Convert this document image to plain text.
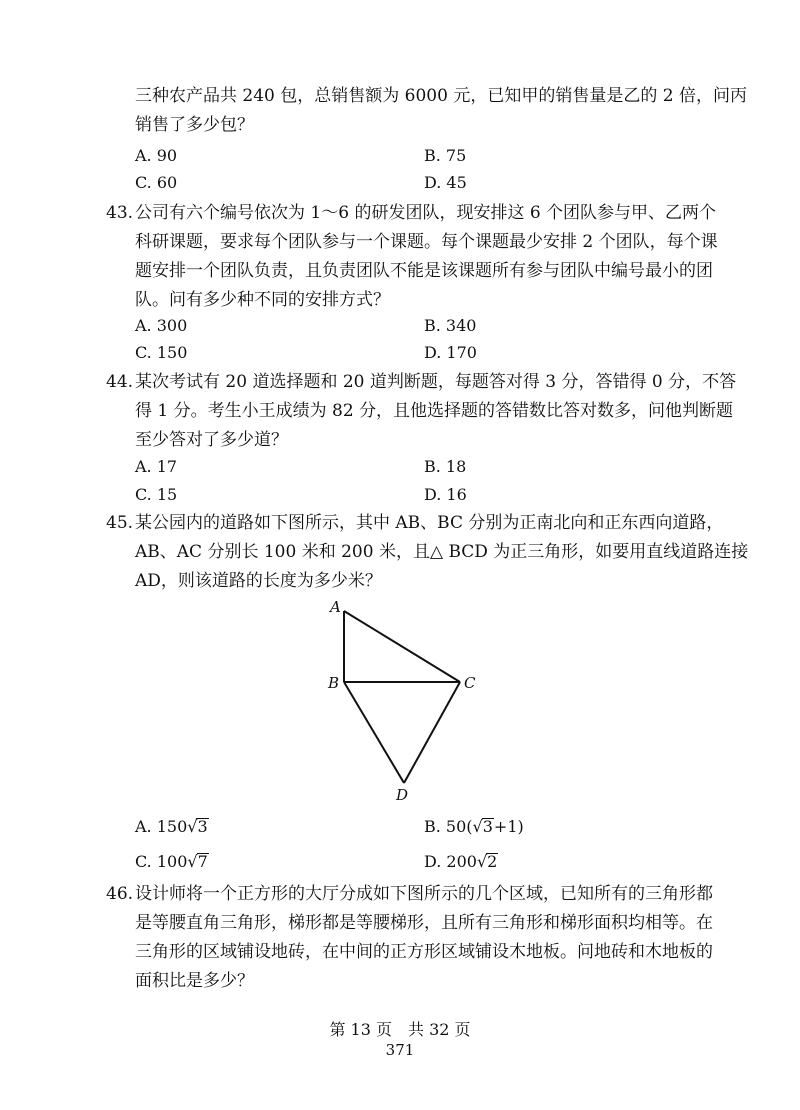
三种农产品共 240 包，总销售额为 6000 元，已知甲的销售量是乙的 2 倍，问丙
销售了多少包？
A. 90	B. 75
C. 60	D. 45
43. 公司有六个编号依次为 1～6 的研发团队，现安排这 6 个团队参与甲、乙两个
科研课题，要求每个团队参与一个课题。每个课题最少安排 2 个团队，每个课
题安排一个团队负责，且负责团队不能是该课题所有参与团队中编号最小的团
队。问有多少种不同的安排方式？
A. 300	B. 340
C. 150	D. 170
44. 某次考试有 20 道选择题和 20 道判断题，每题答对得 3 分，答错得 0 分，不答
得 1 分。考生小王成绩为 82 分，且他选择题的答错数比答对数多，问他判断题
至少答对了多少道？
A. 17	B. 18
C. 15	D. 16
45. 某公园内的道路如下图所示，其中 AB、BC 分别为正南北向和正东西向道路，
AB、AC 分别长 100 米和 200 米，且△ BCD 为正三角形，如要用直线道路连接
AD，则该道路的长度为多少米？
A
B	C
D
A. 150√3	B. 50(√3+1)
C. 100√7	D. 200√2
46. 设计师将一个正方形的大厅分成如下图所示的几个区域，已知所有的三角形都
是等腰直角三角形，梯形都是等腰梯形，且所有三角形和梯形面积均相等。在
三角形的区域铺设地砖，在中间的正方形区域铺设木地板。问地砖和木地板的
面积比是多少？
第 13 页　共 32 页
371
